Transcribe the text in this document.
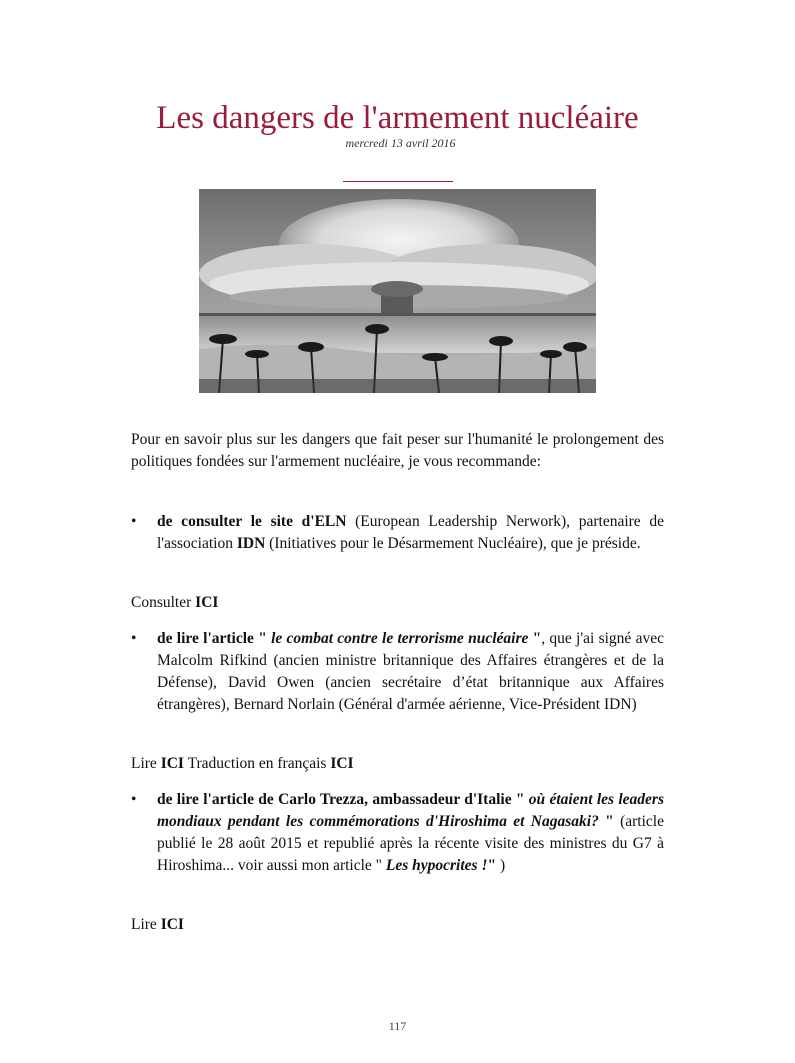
Les dangers de l'armement nucléaire
mercredi 13 avril 2016
Pour en savoir plus sur les dangers que fait peser sur l'humanité le prolongement des politiques fondées sur l'armement nucléaire, je vous recommande:
• de consulter le site d'ELN (European Leadership Nerwork), partenaire de l'association IDN (Initiatives pour le Désarmement Nucléaire), que je préside.
Consulter ICI
• de lire l'article " le combat contre le terrorisme nucléaire ", que j'ai signé avec Malcolm Rifkind (ancien ministre britannique des Affaires étrangères et de la Défense), David Owen (ancien secrétaire d’état britannique aux Affaires étrangères), Bernard Norlain (Général d'armée aérienne, Vice-Président IDN)
Lire ICI Traduction en français ICI
• de lire l'article de Carlo Trezza, ambassadeur d'Italie " où étaient les leaders mondiaux pendant les commémorations d'Hiroshima et Nagasaki? " (article publié le 28 août 2015 et republié après la récente visite des ministres du G7 à Hiroshima... voir aussi mon article " Les hypocrites !" )
Lire ICI
117
